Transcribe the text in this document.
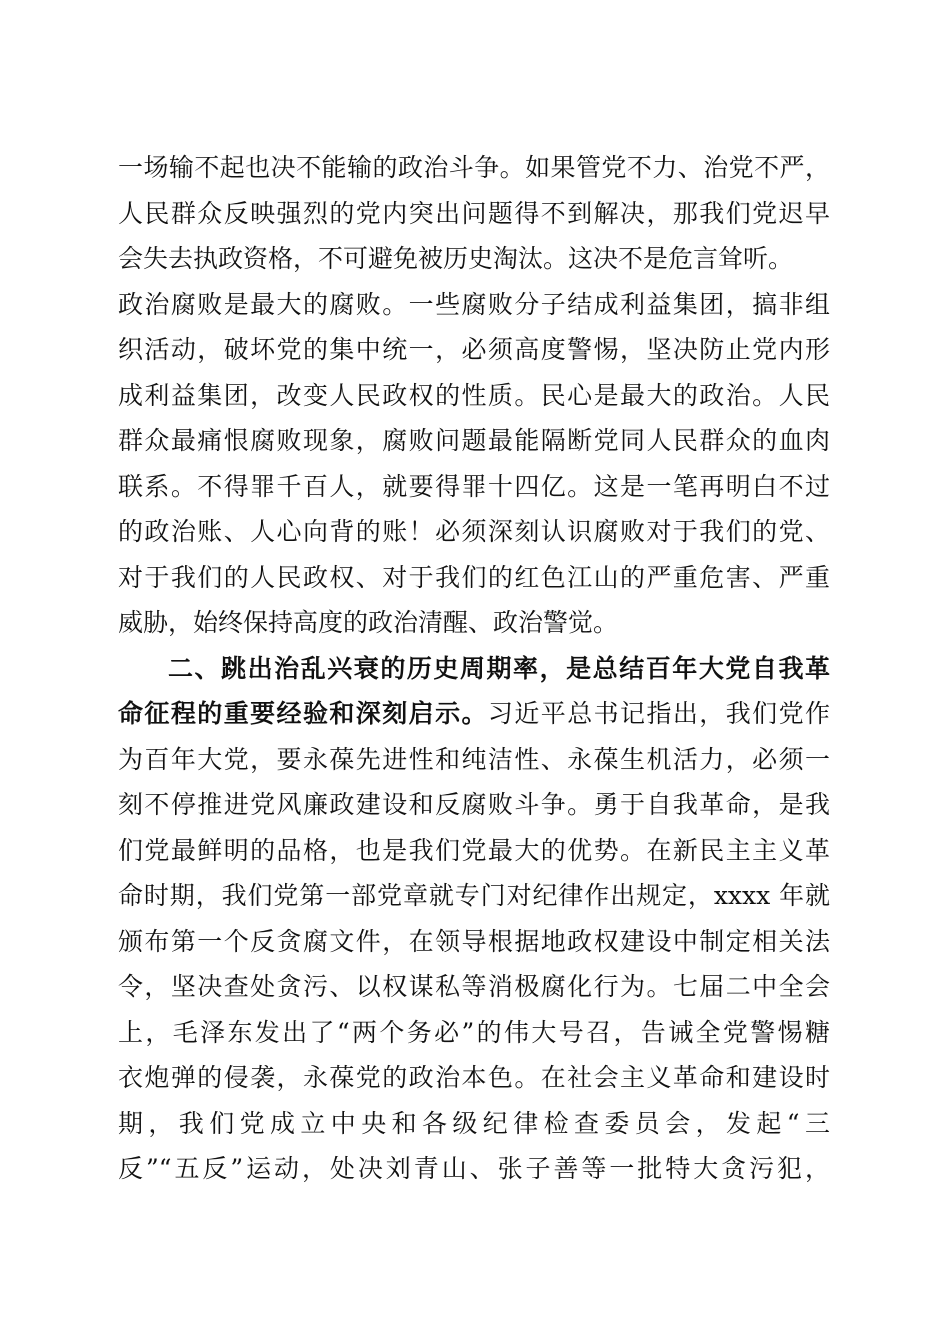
一场输不起也决不能输的政治斗争。如果管党不力、治党不严，
人民群众反映强烈的党内突出问题得不到解决，那我们党迟早
会失去执政资格，不可避免被历史淘汰。这决不是危言耸听。
政治腐败是最大的腐败。一些腐败分子结成利益集团，搞非组
织活动，破坏党的集中统一，必须高度警惕，坚决防止党内形
成利益集团，改变人民政权的性质。民心是最大的政治。人民
群众最痛恨腐败现象，腐败问题最能隔断党同人民群众的血肉
联系。不得罪千百人，就要得罪十四亿。这是一笔再明白不过
的政治账、人心向背的账！必须深刻认识腐败对于我们的党、
对于我们的人民政权、对于我们的红色江山的严重危害、严重
威胁，始终保持高度的政治清醒、政治警觉。
二、跳出治乱兴衰的历史周期率，是总结百年大党自我革
命征程的重要经验和深刻启示。习近平总书记指出，我们党作
为百年大党，要永葆先进性和纯洁性、永葆生机活力，必须一
刻不停推进党风廉政建设和反腐败斗争。勇于自我革命，是我
们党最鲜明的品格，也是我们党最大的优势。在新民主主义革
命时期，我们党第一部党章就专门对纪律作出规定，xxxx 年就
颁布第一个反贪腐文件，在领导根据地政权建设中制定相关法
令，坚决查处贪污、以权谋私等消极腐化行为。七届二中全会
上，毛泽东发出了“两个务必”的伟大号召，告诫全党警惕糖
衣炮弹的侵袭，永葆党的政治本色。在社会主义革命和建设时
期，我们党成立中央和各级纪律检查委员会，发起“三
反”“五反”运动，处决刘青山、张子善等一批特大贪污犯，
